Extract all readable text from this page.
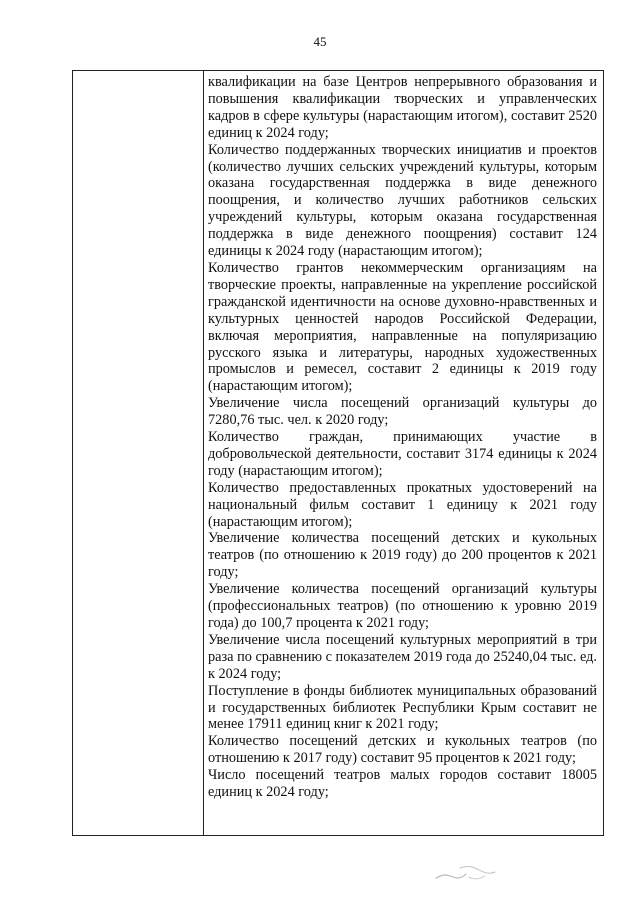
45

квалификации на базе Центров непрерывного образования и повышения квалификации творческих и управленческих кадров в сфере культуры (нарастающим итогом), составит 2520 единиц к 2024 году;

Количество поддержанных творческих инициатив и проектов (количество лучших сельских учреждений культуры, которым оказана государственная поддержка в виде денежного поощрения, и количество лучших работников сельских учреждений культуры, которым оказана государственная поддержка в виде денежного поощрения) составит 124 единицы к 2024 году (нарастающим итогом);

Количество грантов некоммерческим организациям на творческие проекты, направленные на укрепление российской гражданской идентичности на основе духовно-нравственных и культурных ценностей народов Российской Федерации, включая мероприятия, направленные на популяризацию русского языка и литературы, народных художественных промыслов и ремесел, составит 2 единицы к 2019 году (нарастающим итогом);

Увеличение числа посещений организаций культуры до 7280,76 тыс. чел. к 2020 году;

Количество граждан, принимающих участие в добровольческой деятельности, составит 3174 единицы к 2024 году (нарастающим итогом);

Количество предоставленных прокатных удостоверений на национальный фильм составит 1 единицу к 2021 году (нарастающим итогом);

Увеличение количества посещений детских и кукольных театров (по отношению к 2019 году) до 200 процентов к 2021 году;

Увеличение количества посещений организаций культуры (профессиональных театров) (по отношению к уровню 2019 года) до 100,7 процента к 2021 году;

Увеличение числа посещений культурных мероприятий в три раза по сравнению с показателем 2019 года до 25240,04 тыс. ед. к 2024 году;

Поступление в фонды библиотек муниципальных образований и государственных библиотек Республики Крым составит не менее 17911 единиц книг к 2021 году;

Количество посещений детских и кукольных театров (по отношению к 2017 году) составит 95 процентов к 2021 году;

Число посещений театров малых городов составит 18005 единиц к 2024 году;
